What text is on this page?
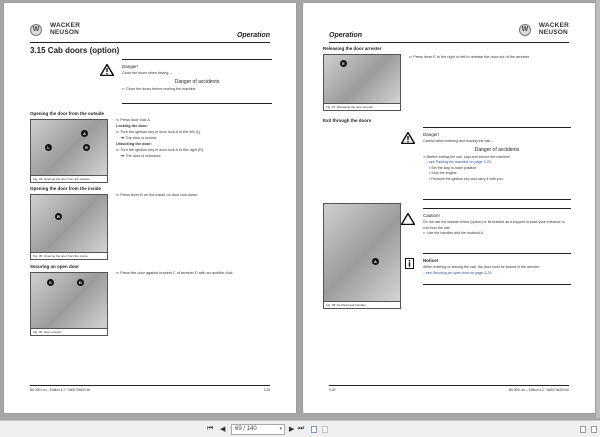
W
WACKER
NEUSON	Operation
3.15 Cab doors (option)
Danger!
Close the doors when driving. –
Danger of accidents
⇐ Close the doors before moving the machine.
Opening the door from the outside
A
L	R
Fig. 34: Opening the door from the outside
⇐ Press door lock A.
Locking the door:
⇐ Turn the ignition key in door lock A to the left (L).
➡ The door is locked.
Unlocking the door:
⇐ Turn the ignition key in door lock A to the right (R).
➡ The door is unlocked.
Opening the door from the inside
B
Fig. 35: Opening the door from the inside
⇐ Press lever B on the inside on door lock down.
Securing an open door
C	D
Fig. 36: Door arrester
⇐ Press the door against bracket C of arrester D with an audible click.
BA 3001 en – Edition 4.2 * 3d0070a300.fm	3-29
Operation
W
WACKER
NEUSON
Releasing the door arrester
E
Fig. 37: Releasing the door arrester
⇐ Press lever E to the right or left to release the door out of the arrester.
Exit through the doors
Danger!
Careful when entering and leaving the cab –
Danger of accidents
⇐ Before exiting the cab, stop and secure the machine
– see Parking the machine on page 3-23.
• Set the skip to base position.
• Stop the engine.
• Remove the ignition key and carry it with you.
A
Fig. 38: Foothold and handles
Caution!
Do not use the outside mirror (option) or its bracket as a support to ease your entrance or exit from the cab.
⇐ Use the handles and the foothold A.
Notice!
When entering or leaving the cab, the door must be locked in the arrester.
– see Securing an open door on page 3-29.
3-30	BA 3001 en – Edition 4.2 * 3d0070a300.fm
⏮ ◀	69 / 140	▾ ▶ ⏭
